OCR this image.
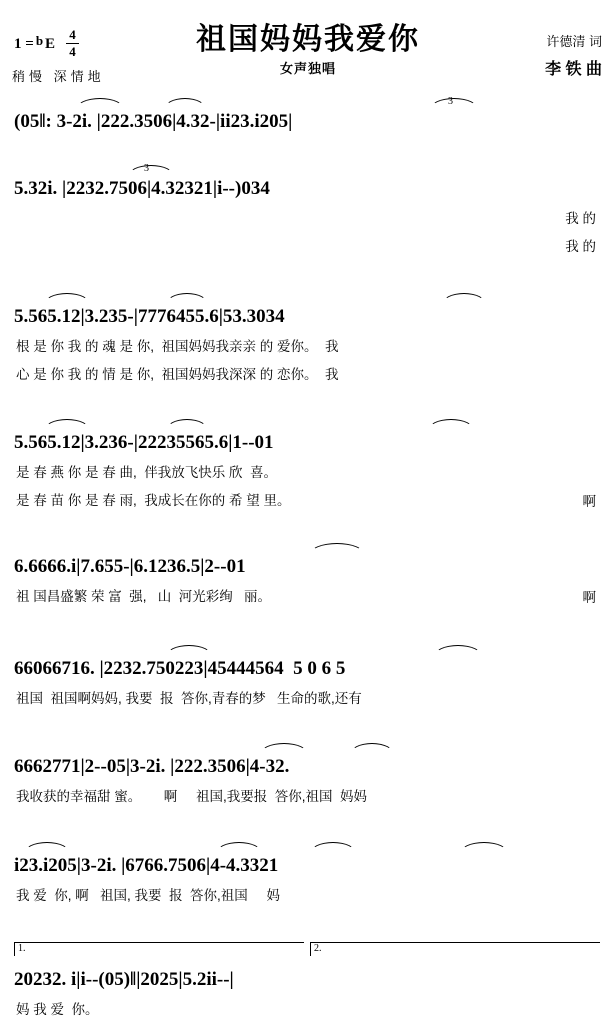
1 = b E
4
4	祖国妈妈我爱你
女声独唱
稍慢 深情地
许德清 词
李 铁 曲
3
(05‖: 3-2i. |222.3506|4.32-|ii23.i205|
3
5.32i. |2232.7506|4.32321|i--)034
我 的
我 的
5.565.12|3.235-|7776455.6|53.3034
根 是 你 我 的 魂 是 你,  祖国妈妈我亲亲 的 爱你。  我
心 是 你 我 的 情 是 你,  祖国妈妈我深深 的 恋你。  我
5.565.12|3.236-|22235565.6|1--01
是 春 燕 你 是 春 曲,  伴我放飞快乐 欣  喜。
是 春 苗 你 是 春 雨,  我成长在你的 希 望 里。	啊
6.6666.i|7.655-|6.1236.5|2--01
祖 国昌盛繁 荣 富  强,   山  河光彩绚   丽。	啊
66066716. |2232.750223|45444564  5 0 6 5
祖国  祖国啊妈妈, 我要  报  答你,青春的梦   生命的歌,还有
6662771|2--05|3-2i. |222.3506|4-32.
我收获的幸福甜 蜜。      啊     祖国,我要报  答你,祖国  妈妈
i23.i205|3-2i. |6766.7506|4-4.3321
我 爱  你, 啊   祖国, 我要  报  答你,祖国     妈
1.	2.
20232. i|i--(05)‖|2025|5.2ii--|
妈 我 爱  你。
